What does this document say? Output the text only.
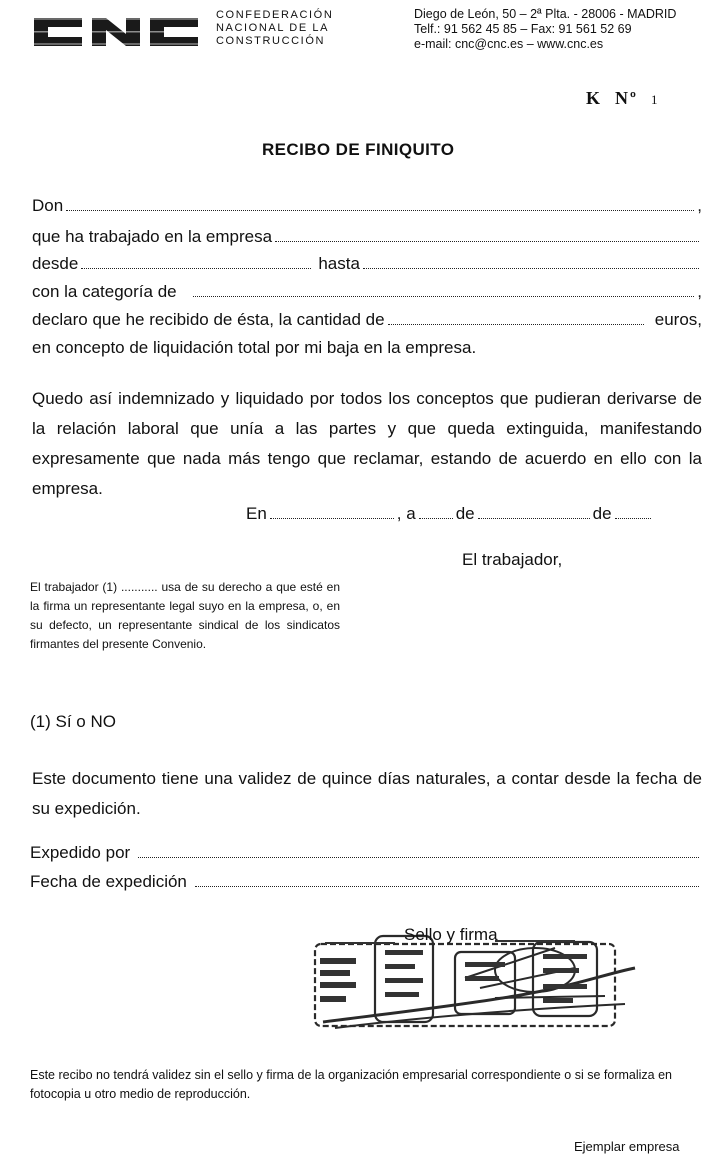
CONFEDERACIÓN
NACIONAL DE LA
CONSTRUCCIÓN
Diego de León, 50 – 2ª Plta. - 28006 - MADRID
Telf.: 91 562 45 85 – Fax: 91 561 52 69
e-mail: cnc@cnc.es – www.cnc.es
K Nº 1
RECIBO DE FINIQUITO
Don	,
que ha trabajado en la empresa
desde	hasta
con la categoría de	,
declaro que he recibido de ésta, la cantidad de	euros,
en concepto de liquidación total por mi baja en la empresa.
Quedo así indemnizado y liquidado por todos los conceptos que pudieran derivarse de la relación laboral que unía a las partes y que queda extinguida, manifestando expresamente que nada más tengo que reclamar, estando de acuerdo en ello con la empresa.
En	, a de	de
El trabajador,
El trabajador (1) ........... usa de su derecho a que esté en la firma un representante legal suyo en la empresa, o, en su defecto, un representante sindical de los sindicatos firmantes del presente Convenio.
(1) Sí o NO
Este documento tiene una validez de quince días naturales, a contar desde la fecha de su expedición.
Expedido por
Fecha de expedición
Sello y firma
Este recibo no tendrá validez sin el sello y firma de la organización empresarial correspondiente o si se formaliza en fotocopia u otro medio de reproducción.
Ejemplar empresa
